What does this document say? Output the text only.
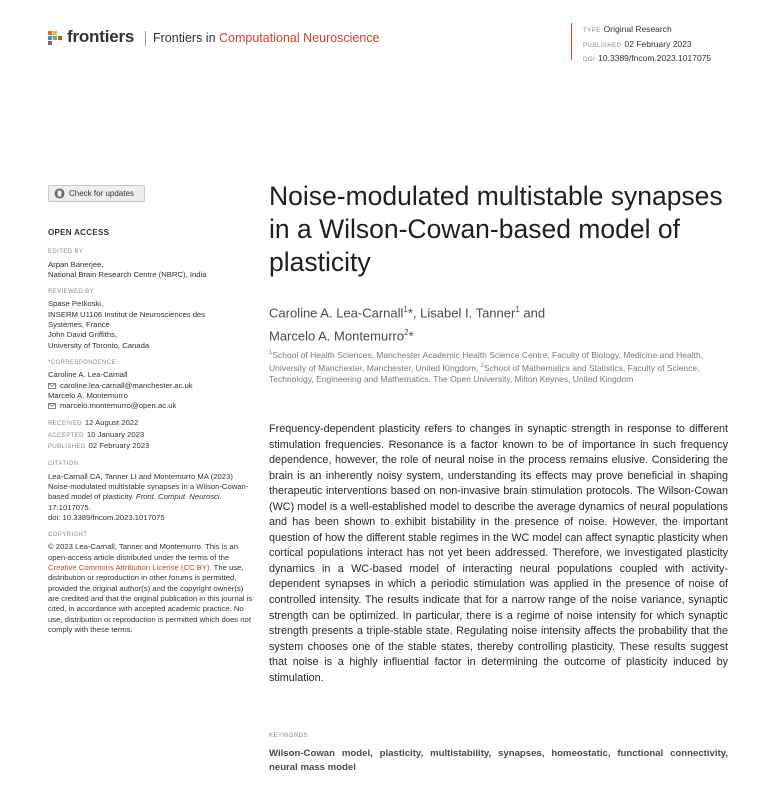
frontiers Frontiers in Computational Neuroscience	TYPE Original Research
PUBLISHED 02 February 2023
DOI 10.3389/fncom.2023.1017075
Check for updates
OPEN ACCESS
EDITED BY
Arpan Banerjee,
National Brain Research Centre (NBRC), India
REVIEWED BY
Spase Petkoski,
INSERM U1106 Institut de Neurosciences des
Systèmes, France
John David Griffiths,
University of Toronto, Canada
*CORRESPONDENCE
Caroline A. Lea-Carnall
caroline.lea-carnall@manchester.ac.uk
Marcelo A. Montemurro
marcelo.montemurro@open.ac.uk
RECEIVED 12 August 2022
ACCEPTED 10 January 2023
PUBLISHED 02 February 2023
CITATION
Lea-Carnall CA, Tanner LI and Montemurro MA (2023) Noise-modulated multistable synapses in a Wilson-Cowan-based model of plasticity. Front. Comput. Neurosci. 17:1017075.
doi: 10.3389/fncom.2023.1017075
COPYRIGHT
© 2023 Lea-Carnall, Tanner and Montemurro. This is an open-access article distributed under the terms of the Creative Commons Attribution License (CC BY). The use, distribution or reproduction in other forums is permitted, provided the original author(s) and the copyright owner(s) are credited and that the original publication in this journal is cited, in accordance with accepted academic practice. No use, distribution or reproduction is permitted which does not comply with these terms.
Noise-modulated multistable synapses in a Wilson-Cowan-based model of plasticity
Caroline A. Lea-Carnall$^1$*, Lisabel I. Tanner$^1$ and
Marcelo A. Montemurro$^2$*
$^1$School of Health Sciences, Manchester Academic Health Science Centre, Faculty of Biology, Medicine and Health, University of Manchester, Manchester, United Kingdom, $^2$School of Mathematics and Statistics, Faculty of Science, Technology, Engineering and Mathematics, The Open University, Milton Keynes, United Kingdom
Frequency-dependent plasticity refers to changes in synaptic strength in response to different stimulation frequencies. Resonance is a factor known to be of importance in such frequency dependence, however, the role of neural noise in the process remains elusive. Considering the brain is an inherently noisy system, understanding its effects may prove beneficial in shaping therapeutic interventions based on non-invasive brain stimulation protocols. The Wilson-Cowan (WC) model is a well-established model to describe the average dynamics of neural populations and has been shown to exhibit bistability in the presence of noise. However, the important question of how the different stable regimes in the WC model can affect synaptic plasticity when cortical populations interact has not yet been addressed. Therefore, we investigated plasticity dynamics in a WC-based model of interacting neural populations coupled with activity-dependent synapses in which a periodic stimulation was applied in the presence of noise of controlled intensity. The results indicate that for a narrow range of the noise variance, synaptic strength can be optimized. In particular, there is a regime of noise intensity for which synaptic strength presents a triple-stable state. Regulating noise intensity affects the probability that the system chooses one of the stable states, thereby controlling plasticity. These results suggest that noise is a highly influential factor in determining the outcome of plasticity induced by stimulation.
KEYWORDS
Wilson-Cowan model, plasticity, multistability, synapses, homeostatic, functional connectivity, neural mass model
